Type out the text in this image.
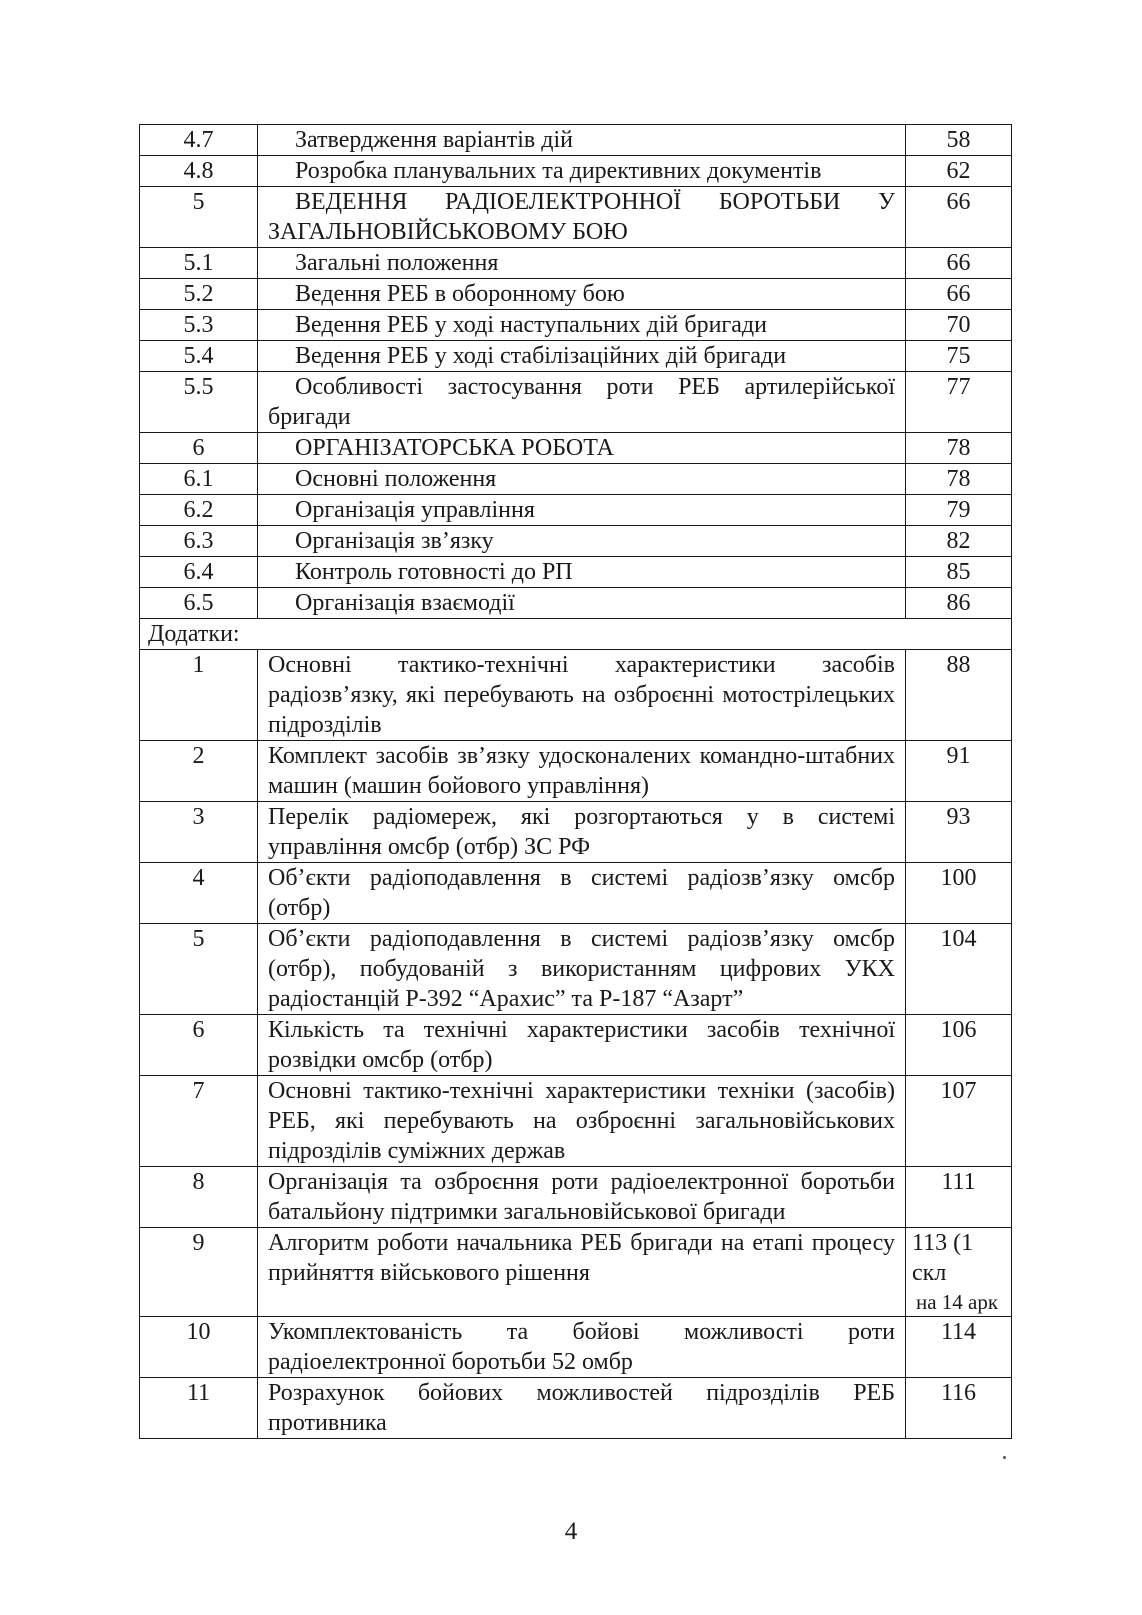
4.7	Затвердження варіантів дій	58
4.8	Розробка планувальних та директивних документів	62
5	ВЕДЕННЯ РАДІОЕЛЕКТРОННОЇ БОРОТЬБИ У ЗАГАЛЬНОВІЙСЬКОВОМУ БОЮ	66
5.1	Загальні положення	66
5.2	Ведення РЕБ в оборонному бою	66
5.3	Ведення РЕБ у ході наступальних дій бригади	70
5.4	Ведення РЕБ у ході стабілізаційних дій бригади	75
5.5	Особливості застосування роти РЕБ артилерійської бригади	77
6	ОРГАНІЗАТОРСЬКА РОБОТА	78
6.1	Основні положення	78
6.2	Організація управління	79
6.3	Організація зв’язку	82
6.4	Контроль готовності до РП	85
6.5	Організація взаємодії	86
Додатки:		
1	Основні тактико-технічні характеристики засобів радіозв’язку, які перебувають на озброєнні мотострілецьких підрозділів	88
2	Комплект засобів зв’язку удосконалених командно-штабних машин (машин бойового управління)	91
3	Перелік радіомереж, які розгортаються у в системі управління омсбр (отбр) ЗС РФ	93
4	Об’єкти радіоподавлення в системі радіозв’язку омсбр (отбр)	100
5	Об’єкти радіоподавлення в системі радіозв’язку омсбр (отбр), побудованій з використанням цифрових УКХ радіостанцій Р-392 “Арахис” та Р-187 “Азарт”	104
6	Кількість та технічні характеристики засобів технічної розвідки омсбр (отбр)	106
7	Основні тактико-технічні характеристики техніки (засобів) РЕБ, які перебувають на озброєнні загальновійськових підрозділів суміжних держав	107
8	Організація та озброєння роти радіоелектронної боротьби батальйону підтримки загальновійськової бригади	111
9	Алгоритм роботи начальника РЕБ бригади на етапі процесу прийняття військового рішення	113 (1 скл
на 14 арк

10	Укомплектованість та бойові можливості роти радіоелектронної боротьби 52 омбр	114
11	Розрахунок бойових можливостей підрозділів РЕБ противника	116
4
